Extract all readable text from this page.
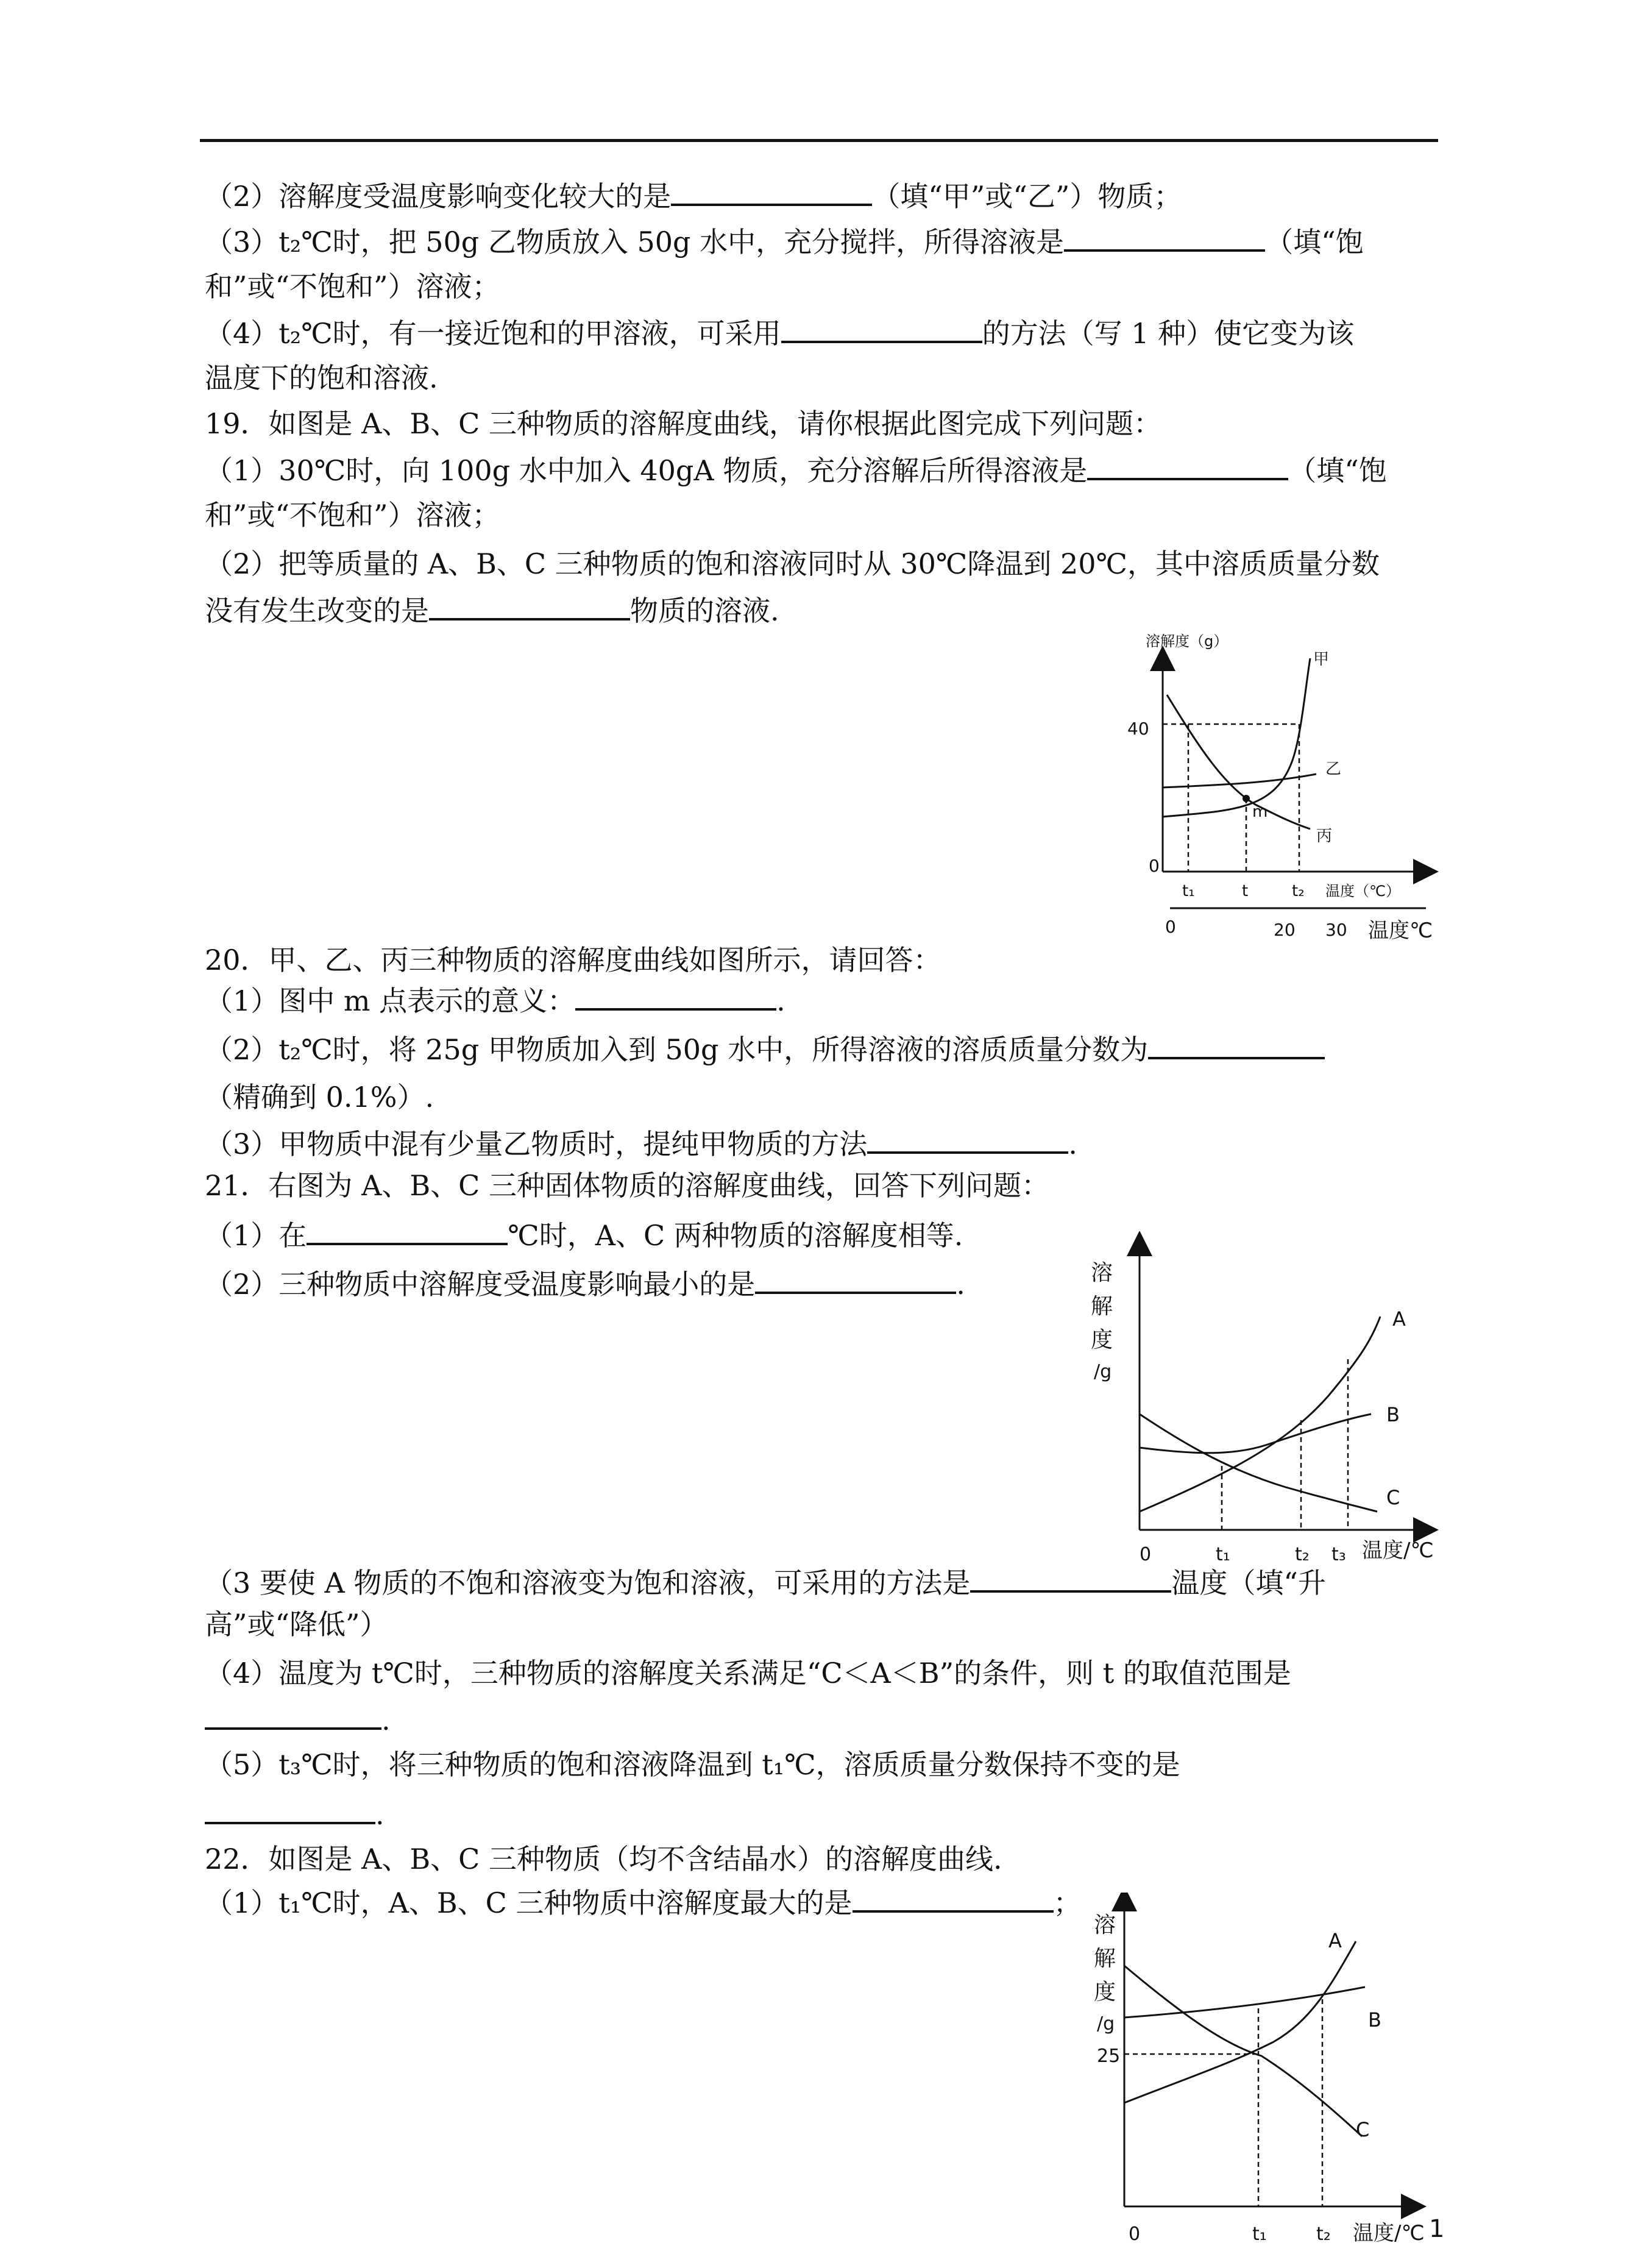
（2）溶解度受温度影响变化较大的是	（填“甲”或“乙”）物质；
（3）t₂℃时，把 50g 乙物质放入 50g 水中，充分搅拌，所得溶液是	（填“饱
和”或“不饱和”）溶液；
（4）t₂℃时，有一接近饱和的甲溶液，可采用	的方法（写 1 种）使它变为该
温度下的饱和溶液.
19．如图是 A、B、C 三种物质的溶解度曲线，请你根据此图完成下列问题：
（1）30℃时，向 100g 水中加入 40gA 物质，充分溶解后所得溶液是	（填“饱
和”或“不饱和”）溶液；
（2）把等质量的 A、B、C 三种物质的饱和溶液同时从 30℃降温到 20℃，其中溶质质量分数
没有发生改变的是	物质的溶液.
20．甲、乙、丙三种物质的溶解度曲线如图所示，请回答：
（1）图中 m 点表示的意义：	.
（2）t₂℃时，将 25g 甲物质加入到 50g 水中，所得溶液的溶质质量分数为
（精确到 0.1%）.
（3）甲物质中混有少量乙物质时，提纯甲物质的方法	.
21．右图为 A、B、C 三种固体物质的溶解度曲线，回答下列问题：
（1）在	℃时，A、C 两种物质的溶解度相等.
（2）三种物质中溶解度受温度影响最小的是	.
（3 要使 A 物质的不饱和溶液变为饱和溶液，可采用的方法是	温度（填“升
高”或“降低”）
（4）温度为 t℃时，三种物质的溶解度关系满足“C＜A＜B”的条件，则 t 的取值范围是
.
（5）t₃℃时，将三种物质的饱和溶液降温到 t₁℃，溶质质量分数保持不变的是
.
22．如图是 A、B、C 三种物质（均不含结晶水）的溶解度曲线.
（1）t₁℃时，A、B、C 三种物质中溶解度最大的是	；
溶解度（g）
40
0
m
甲
乙
丙
t₁	t	t₂ 温度（℃）
0	20 30 温度℃
溶
解
度
/g
A
B
C
0	t₁	t₂ t₃ 温度/℃
溶
解
度
/g
25
A
B
C
0	t₁	t₂ 温度/℃ 1
